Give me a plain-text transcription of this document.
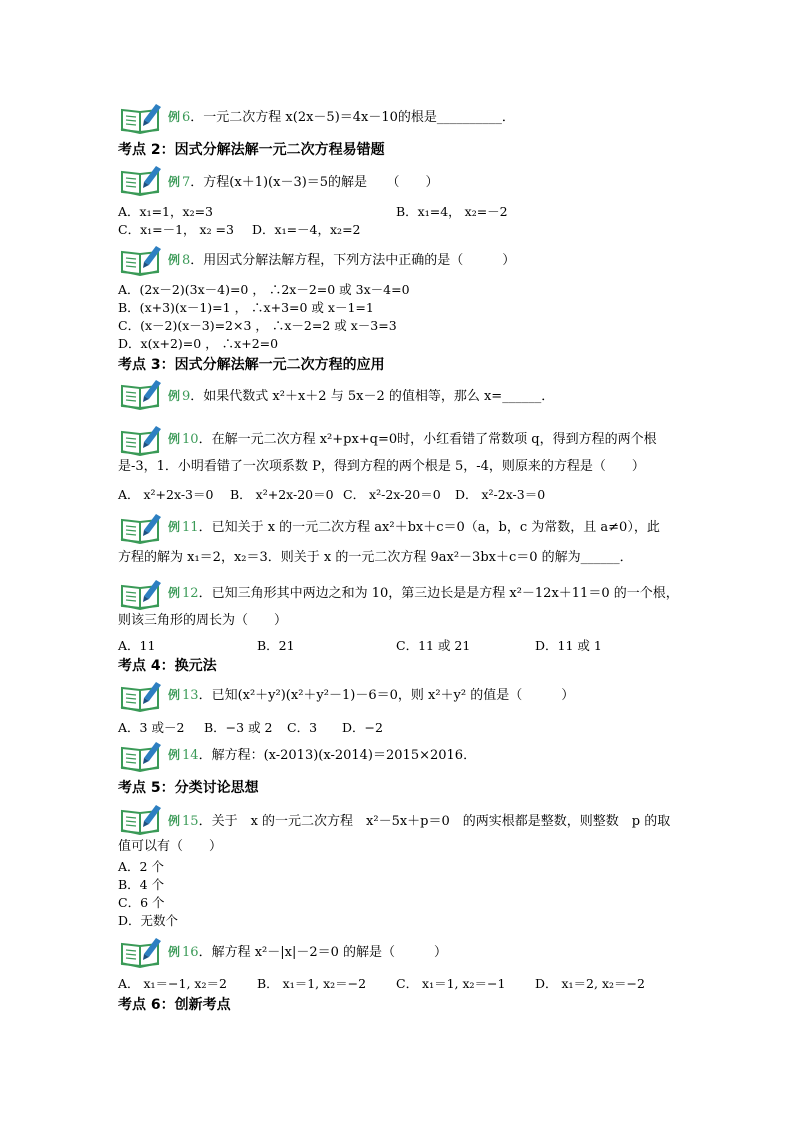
例 6．一元二次方程 x(2x－5)＝4x－10的根是__________．
考点 2：因式分解法解一元二次方程易错题
例 7．方程(x＋1)(x－3)＝5的解是　　（　　）
A．x₁=1，x₂=3	B．x₁=4， x₂=－2
C．x₁=－1， x₂ =3 D．x₁=－4，x₂=2
例 8．用因式分解法解方程，下列方法中正确的是（　　　）
A．(2x－2)(3x－4)=0 ， ∴2x－2=0 或 3x－4=0
B．(x+3)(x－1)=1 ， ∴x+3=0 或 x－1=1
C．(x－2)(x－3)=2×3 ， ∴x－2=2 或 x－3=3
D．x(x+2)=0 ， ∴x+2=0
考点 3：因式分解法解一元二次方程的应用
例 9．如果代数式 x²＋x＋2 与 5x－2 的值相等，那么 x=______．
例 10．在解一元二次方程 x²+px+q=0时，小红看错了常数项 q，得到方程的两个根
是-3，1．小明看错了一次项系数 P，得到方程的两个根是 5，-4，则原来的方程是（　　）
A． x²+2x-3＝0 B． x²+2x-20＝0 C． x²-2x-20＝0 D． x²-2x-3＝0
例 11．已知关于 x 的一元二次方程 ax²＋bx＋c＝0（a，b，c 为常数，且 a≠0），此
方程的解为 x₁＝2，x₂＝3．则关于 x 的一元二次方程 9ax²－3bx＋c＝0 的解为______．
例 12．已知三角形其中两边之和为 10，第三边长是是方程 x²－12x＋11＝0 的一个根，
则该三角形的周长为（　　）
A．11	B．21	C．11 或 21	D．11 或 1
考点 4：换元法
例 13．已知(x²＋y²)(x²＋y²－1)－6＝0，则 x²＋y² 的值是（　　　）
A．3 或－2 B．−3 或 2 C．3 D．−2
例 14．解方程：(x-2013)(x-2014)＝2015×2016．
考点 5：分类讨论思想
例 15．关于　x 的一元二次方程　x²－5x＋p＝0　的两实根都是整数，则整数　p 的取
值可以有（　　）
A．2 个
B．4 个
C．6 个
D．无数个
例 16．解方程 x²－|x|－2＝0 的解是（　　　）
A． x₁＝−1, x₂＝2 B． x₁＝1, x₂＝−2 C． x₁＝1, x₂＝−1 D． x₁＝2, x₂＝−2
考点 6：创新考点
